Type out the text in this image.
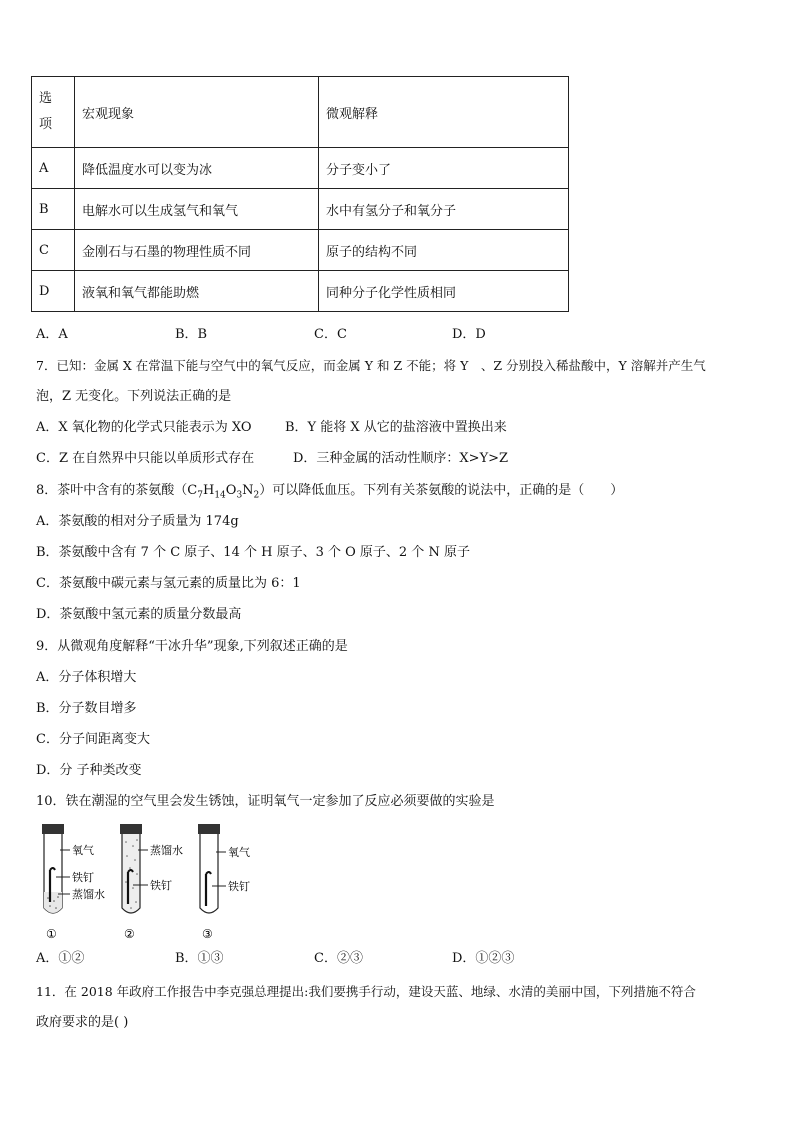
选
项	宏观现象	微观解释
A	降低温度水可以变为冰	分子变小了
B	电解水可以生成氢气和氧气	水中有氢分子和氧分子
C	金刚石与石墨的物理性质不同	原子的结构不同
D	液氧和氧气都能助燃	同种分子化学性质相同
A．A	B．B	C．C	D．D
7．已知：金属 X 在常温下能与空气中的氧气反应，而金属 Y 和 Z 不能；将 Y　、Z 分别投入稀盐酸中，Y 溶解并产生气
泡，Z 无变化。下列说法正确的是
A．X 氧化物的化学式只能表示为 XO	B．Y 能将 X 从它的盐溶液中置换出来
C．Z 在自然界中只能以单质形式存在	D．三种金属的活动性顺序：X>Y>Z
8．茶叶中含有的茶氨酸$(C_7H_{14}O_3N_2)$可以降低血压。下列有关茶氨酸的说法中，正确的是（　　）
A．茶氨酸的相对分子质量为 174g
B．茶氨酸中含有 7 个 C 原子、14 个 H 原子、3 个 O 原子、2 个 N 原子
C．茶氨酸中碳元素与氢元素的质量比为 6：1
D．茶氨酸中氢元素的质量分数最高
9．从微观角度解释“干冰升华”现象,下列叙述正确的是
A．分子体积增大
B．分子数目增多
C．分子间距离变大
D．分 子种类改变
10．铁在潮湿的空气里会发生锈蚀，证明氧气一定参加了反应必须要做的实验是
氧气
铁钉
蒸馏水
①
蒸馏水
铁钉
②
氧气
铁钉
③
A．①②	B．①③	C．②③	D．①②③
11．在 2018 年政府工作报告中李克强总理提出:我们要携手行动，建设天蓝、地绿、水清的美丽中国，下列措施不符合
政府要求的是( )
